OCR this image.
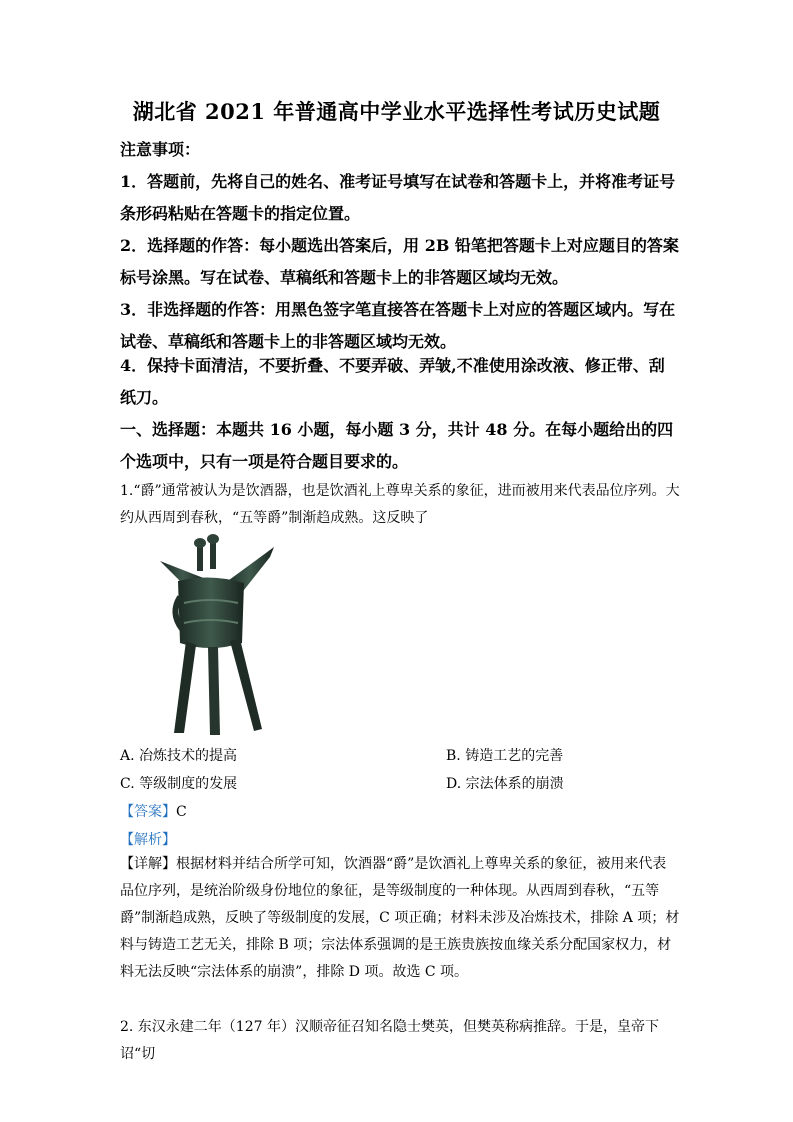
湖北省 2021 年普通高中学业水平选择性考试历史试题
注意事项：
1．答题前，先将自己的姓名、准考证号填写在试卷和答题卡上，并将准考证号条形码粘贴在答题卡的指定位置。
2．选择题的作答：每小题选出答案后，用 2B 铅笔把答题卡上对应题目的答案标号涂黑。写在试卷、草稿纸和答题卡上的非答题区域均无效。
3．非选择题的作答：用黑色签字笔直接答在答题卡上对应的答题区域内。写在试卷、草稿纸和答题卡上的非答题区域均无效。
4．保持卡面清洁，不要折叠、不要弄破、弄皱,不准使用涂改液、修正带、刮纸刀。
一、选择题：本题共 16 小题，每小题 3 分，共计 48 分。在每小题给出的四个选项中，只有一项是符合题目要求的。
1.“爵”通常被认为是饮酒器，也是饮酒礼上尊卑关系的象征，进而被用来代表品位序列。大约从西周到春秋，“五等爵”制渐趋成熟。这反映了
A. 冶炼技术的提高	B. 铸造工艺的完善
C. 等级制度的发展	D. 宗法体系的崩溃
【答案】C
【解析】
【详解】根据材料并结合所学可知，饮酒器“爵”是饮酒礼上尊卑关系的象征，被用来代表品位序列，是统治阶级身份地位的象征，是等级制度的一种体现。从西周到春秋，“五等爵”制渐趋成熟，反映了等级制度的发展，C 项正确；材料未涉及冶炼技术，排除 A 项；材料与铸造工艺无关，排除 B 项；宗法体系强调的是王族贵族按血缘关系分配国家权力，材料无法反映“宗法体系的崩溃”，排除 D 项。故选 C 项。
2. 东汉永建二年（127 年）汉顺帝征召知名隐士樊英，但樊英称病推辞。于是，皇帝下诏“切
